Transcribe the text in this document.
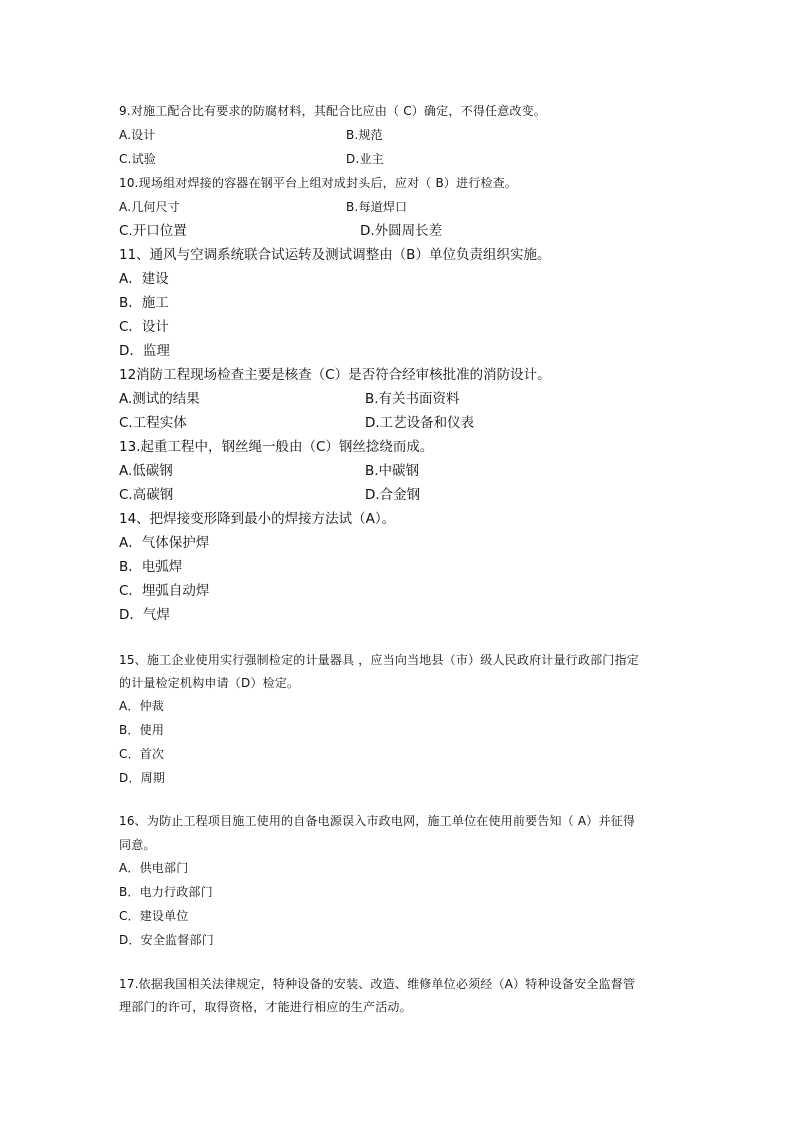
9.对施工配合比有要求的防腐材料，其配合比应由（ C）确定，不得任意改变。
A.设计	B.规范
C.试验	D.业主
10.现场组对焊接的容器在钢平台上组对成封头后，应对（ B）进行检查。
A.几何尺寸	B.每道焊口
C.开口位置	D.外圆周长差
11、通风与空调系统联合试运转及测试调整由（B）单位负责组织实施。
A．建设
B．施工
C．设计
D．监理
12消防工程现场检查主要是核查（C）是否符合经审核批准的消防设计。
A.测试的结果	B.有关书面资料
C.工程实体	D.工艺设备和仪表
13.起重工程中，钢丝绳一般由（C）钢丝捻绕而成。
A.低碳钢	B.中碳钢
C.高碳钢	D.合金钢
14、把焊接变形降到最小的焊接方法试（A）。
A．气体保护焊
B．电弧焊
C．埋弧自动焊
D．气焊
15、施工企业使用实行强制检定的计量器具 ，应当向当地县（市）级人民政府计量行政部门指定
的计量检定机构申请（D）检定。
A．仲裁
B．使用
C．首次
D．周期
16、为防止工程项目施工使用的自备电源误入市政电网，施工单位在使用前要告知（ A）并征得
同意。
A．供电部门
B．电力行政部门
C．建设单位
D．安全监督部门
17.依据我国相关法律规定，特种设备的安装、改造、维修单位必须经（A）特种设备安全监督管
理部门的许可，取得资格，才能进行相应的生产活动。
